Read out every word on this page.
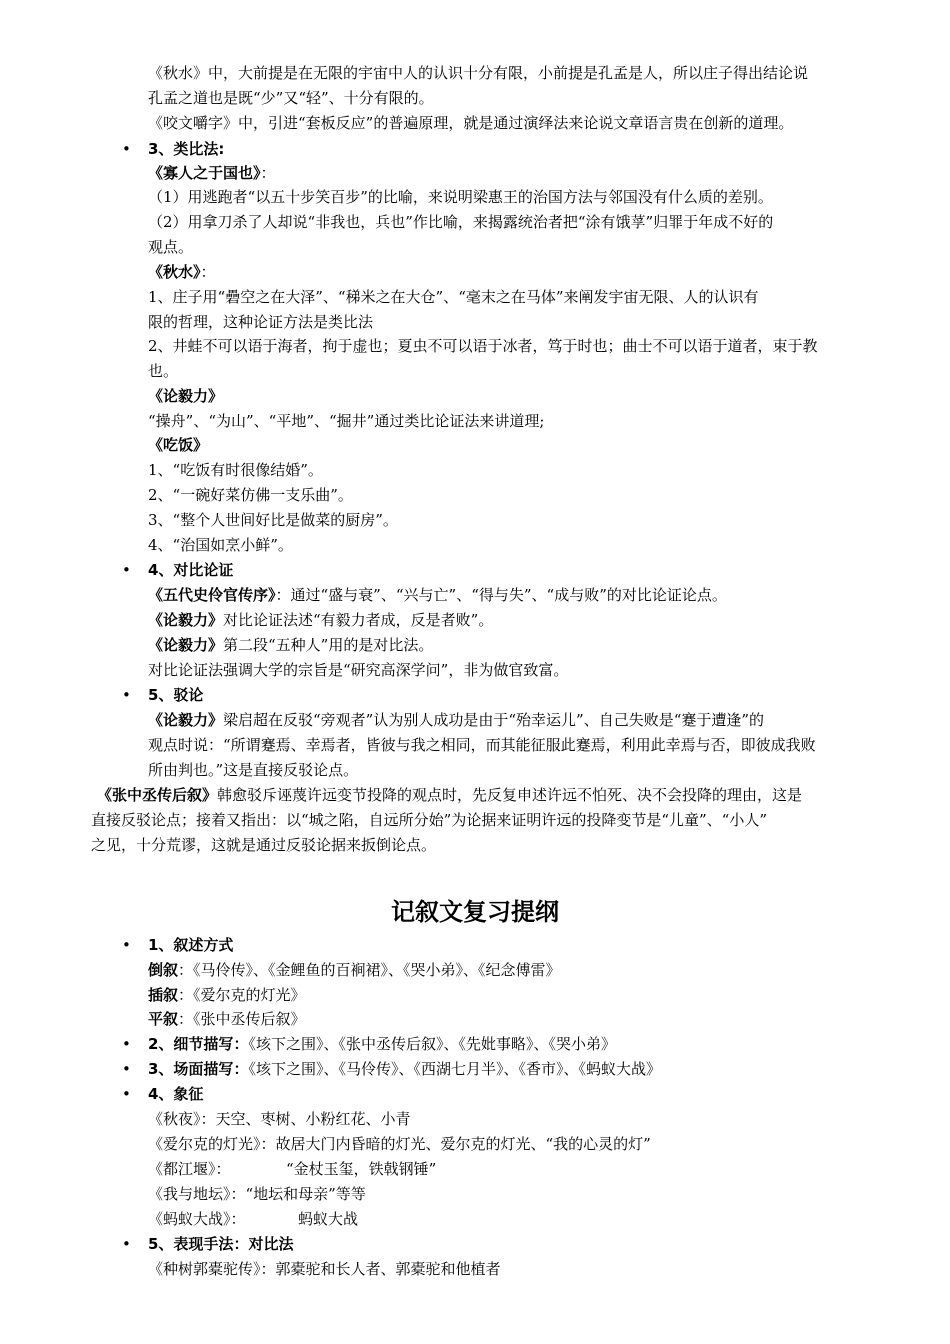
《秋水》中，大前提是在无限的宇宙中人的认识十分有限，小前提是孔孟是人，所以庄子得出结论说
孔孟之道也是既“少”又“轻”、十分有限的。
《咬文嚼字》中，引进“套板反应”的普遍原理，就是通过演绎法来论说文章语言贵在创新的道理。
• 3、类比法:
《寡人之于国也》：
（1）用逃跑者“以五十步笑百步”的比喻，来说明梁惠王的治国方法与邻国没有什么质的差别。
（2）用拿刀杀了人却说“非我也，兵也”作比喻，来揭露统治者把“涂有饿莩”归罪于年成不好的
观点。
《秋水》：
1、庄子用“礨空之在大泽”、“稊米之在大仓”、“毫末之在马体”来阐发宇宙无限、人的认识有
限的哲理，这种论证方法是类比法
2、井蛙不可以语于海者，拘于虚也；夏虫不可以语于冰者，笃于时也；曲士不可以语于道者，束于教
也。
《论毅力》
“操舟”、“为山”、“平地”、“掘井”通过类比论证法来讲道理;
《吃饭》
1、“吃饭有时很像结婚”。
2、“一碗好菜仿佛一支乐曲”。
3、“整个人世间好比是做菜的厨房”。
4、“治国如烹小鲜”。
• 4、对比论证
《五代史伶官传序》：通过“盛与衰”、“兴与亡”、“得与失”、“成与败”的对比论证论点。
《论毅力》对比论证法述“有毅力者成，反是者败”。
《论毅力》第二段“五种人”用的是对比法。
对比论证法强调大学的宗旨是“研究高深学问”，非为做官致富。
• 5、驳论
《论毅力》梁启超在反驳“旁观者”认为别人成功是由于“殆幸运儿”、自己失败是“蹇于遭逢”的
观点时说：“所谓蹇焉、幸焉者，皆彼与我之相同，而其能征服此蹇焉，利用此幸焉与否，即彼成我败
所由判也。”这是直接反驳论点。
《张中丞传后叙》韩愈驳斥诬蔑许远变节投降的观点时，先反复申述许远不怕死、决不会投降的理由，这是
直接反驳论点；接着又指出：以“城之陷，自远所分始”为论据来证明许远的投降变节是“儿童”、“小人”
之见，十分荒谬，这就是通过反驳论据来扳倒论点。
记叙文复习提纲
• 1、叙述方式
倒叙：《马伶传》、《金鲤鱼的百裥裙》、《哭小弟》、《纪念傅雷》
插叙：《爱尔克的灯光》
平叙：《张中丞传后叙》
• 2、细节描写：《垓下之围》、《张中丞传后叙》、《先妣事略》、《哭小弟》
• 3、场面描写：《垓下之围》、《马伶传》、《西湖七月半》、《香市》、《蚂蚁大战》
• 4、象征
《秋夜》：天空、枣树、小粉红花、小青
《爱尔克的灯光》：故居大门内昏暗的灯光、爱尔克的灯光、“我的心灵的灯”
《都江堰》：	“金杖玉玺，铁戟钢锤”
《我与地坛》：“地坛和母亲”等等
《蚂蚁大战》：	蚂蚁大战
• 5、表现手法：对比法
《种树郭橐驼传》：郭橐驼和长人者、郭橐驼和他植者
